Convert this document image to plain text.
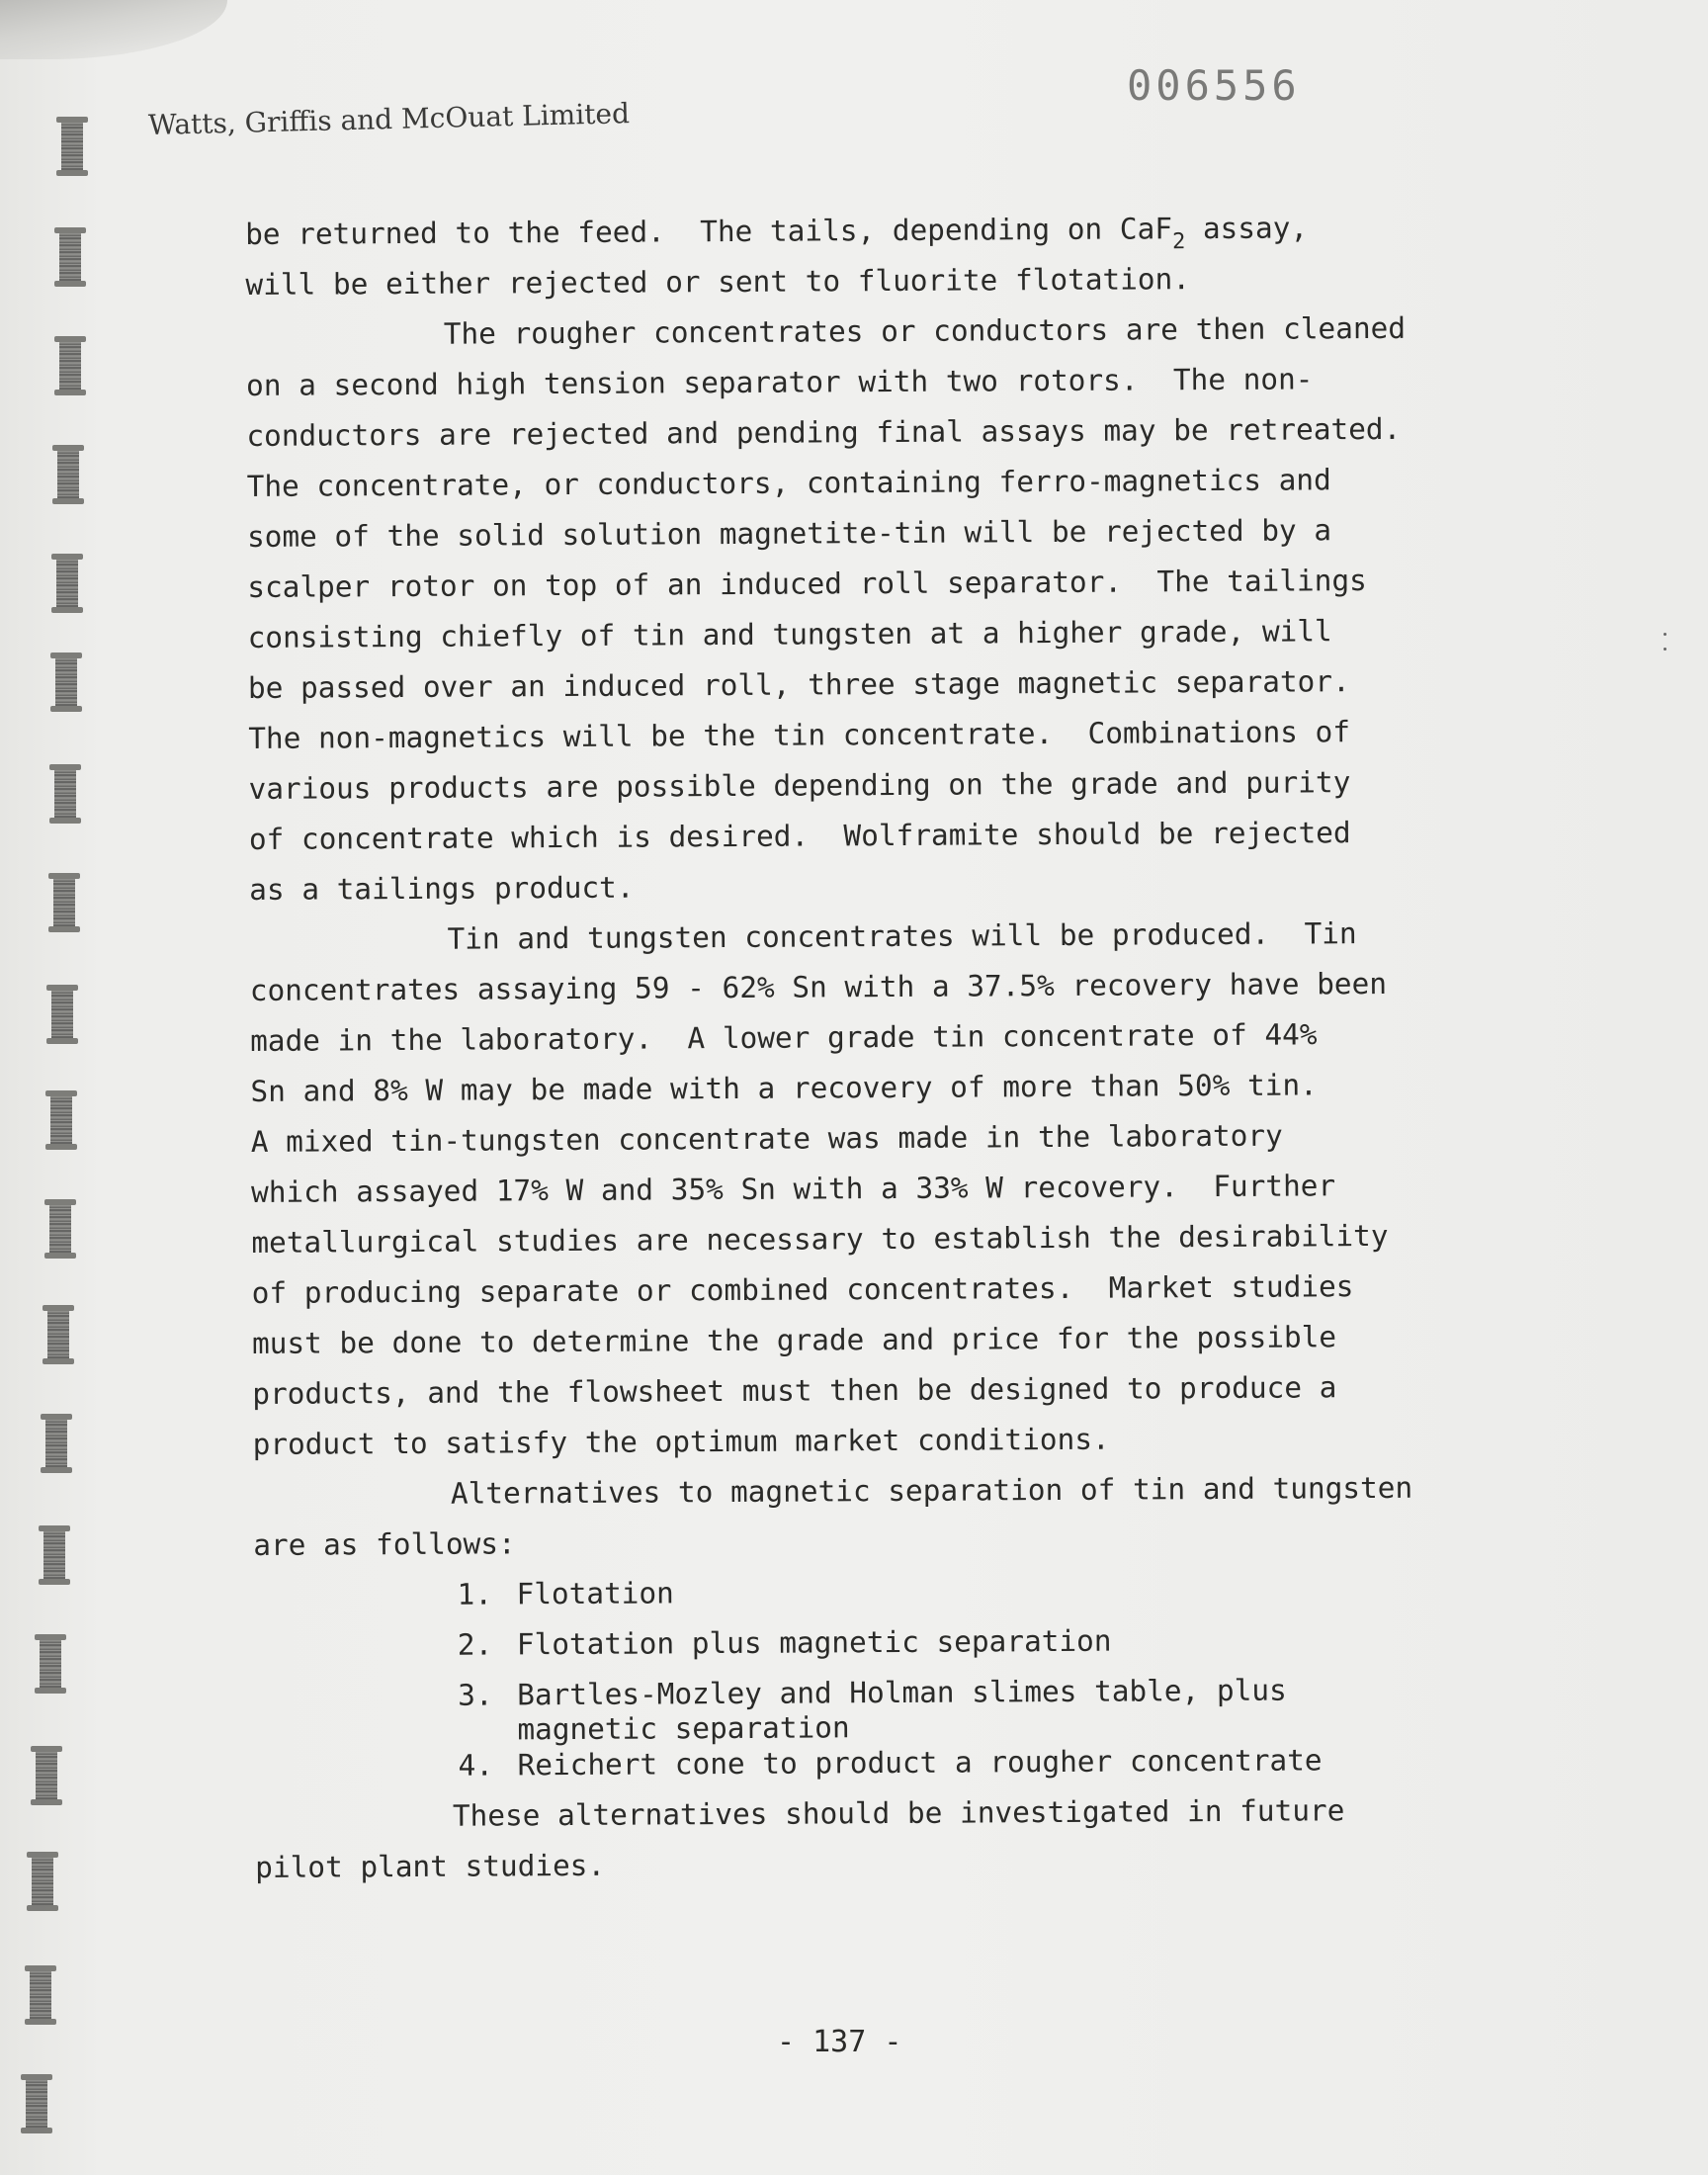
Watts, Griffis and McOuat Limited
006556
be returned to the feed.  The tails, depending on CaF$_2$ assay,
will be either rejected or sent to fluorite flotation.
The rougher concentrates or conductors are then cleaned
on a second high tension separator with two rotors.  The non-
conductors are rejected and pending final assays may be retreated.
The concentrate, or conductors, containing ferro-magnetics and
some of the solid solution magnetite-tin will be rejected by a
scalper rotor on top of an induced roll separator.  The tailings
consisting chiefly of tin and tungsten at a higher grade, will
be passed over an induced roll, three stage magnetic separator.
The non-magnetics will be the tin concentrate.  Combinations of
various products are possible depending on the grade and purity
of concentrate which is desired.  Wolframite should be rejected
as a tailings product.
Tin and tungsten concentrates will be produced.  Tin
concentrates assaying 59 - 62% Sn with a 37.5% recovery have been
made in the laboratory.  A lower grade tin concentrate of 44%
Sn and 8% W may be made with a recovery of more than 50% tin.
A mixed tin-tungsten concentrate was made in the laboratory
which assayed 17% W and 35% Sn with a 33% W recovery.  Further
metallurgical studies are necessary to establish the desirability
of producing separate or combined concentrates.  Market studies
must be done to determine the grade and price for the possible
products, and the flowsheet must then be designed to produce a
product to satisfy the optimum market conditions.
Alternatives to magnetic separation of tin and tungsten
are as follows:
1. Flotation
2. Flotation plus magnetic separation
3. Bartles-Mozley and Holman slimes table, plus
magnetic separation
4. Reichert cone to product a rougher concentrate
These alternatives should be investigated in future
pilot plant studies.
- 137 -
